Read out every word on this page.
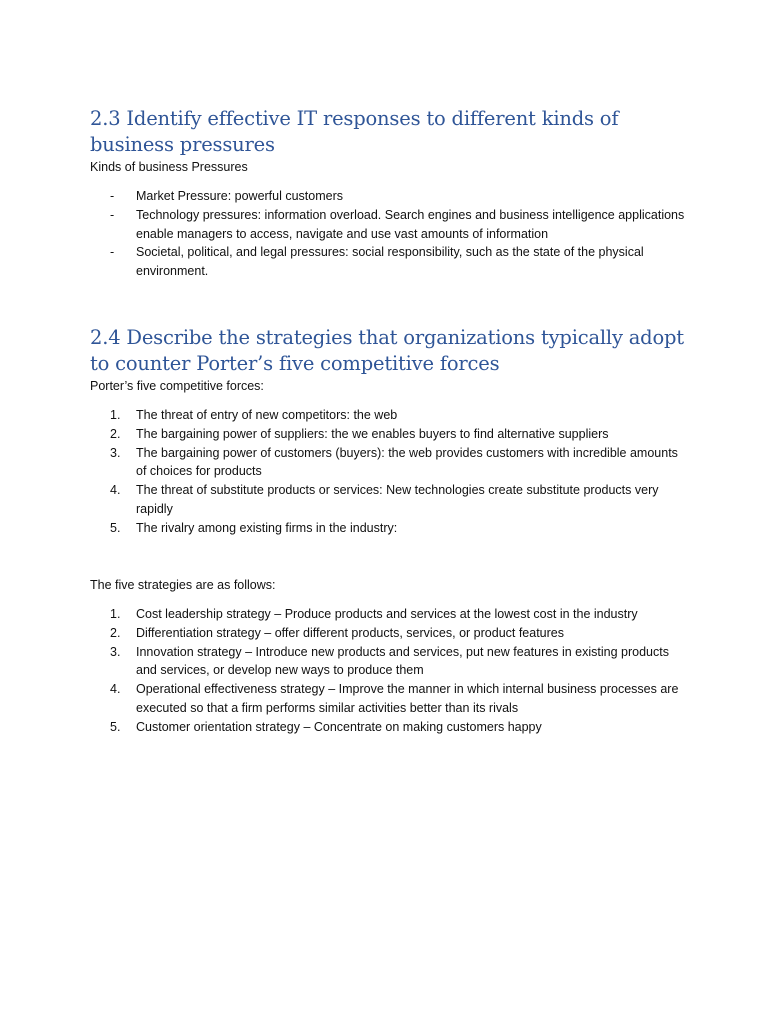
2.3 Identify effective IT responses to different kinds of business pressures

Kinds of business Pressures

- Market Pressure: powerful customers
- Technology pressures: information overload. Search engines and business intelligence applications enable managers to access, navigate and use vast amounts of information
- Societal, political, and legal pressures: social responsibility, such as the state of the physical environment.
2.4 Describe the strategies that organizations typically adopt to counter Porter’s five competitive forces

Porter’s five competitive forces:

1. The threat of entry of new competitors: the web
2. The bargaining power of suppliers: the we enables buyers to find alternative suppliers
3. The bargaining power of customers (buyers): the web provides customers with incredible amounts of choices for products
4. The threat of substitute products or services: New technologies create substitute products very rapidly
5. The rivalry among existing firms in the industry:

The five strategies are as follows:

1. Cost leadership strategy – Produce products and services at the lowest cost in the industry
2. Differentiation strategy – offer different products, services, or product features
3. Innovation strategy – Introduce new products and services, put new features in existing products and services, or develop new ways to produce them
4. Operational effectiveness strategy – Improve the manner in which internal business processes are executed so that a firm performs similar activities better than its rivals
5. Customer orientation strategy – Concentrate on making customers happy
